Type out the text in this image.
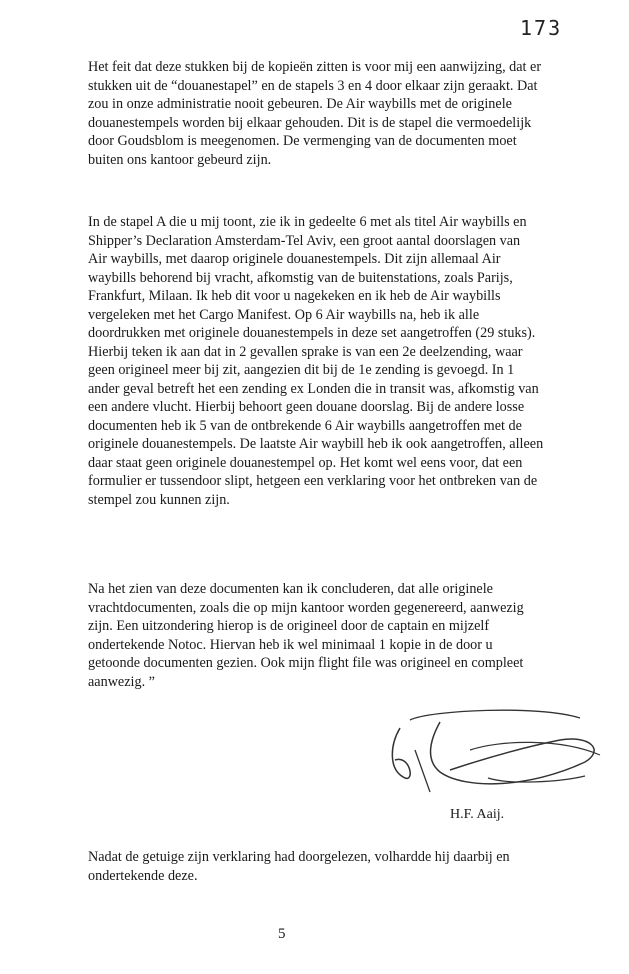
173
Het feit dat deze stukken bij de kopieën zitten is voor mij een aanwijzing, dat er
stukken uit de “douanestapel” en de stapels 3 en 4 door elkaar zijn geraakt. Dat
zou in onze administratie nooit gebeuren. De Air waybills met de originele
douanestempels worden bij elkaar gehouden. Dit is de stapel die vermoedelijk
door Goudsblom is meegenomen. De vermenging van de documenten moet
buiten ons kantoor gebeurd zijn.
In de stapel A die u mij toont, zie ik in gedeelte 6 met als titel Air waybills en
Shipper’s Declaration Amsterdam-Tel Aviv, een groot aantal doorslagen van
Air waybills, met daarop originele douanestempels. Dit zijn allemaal Air
waybills behorend bij vracht, afkomstig van de buitenstations, zoals Parijs,
Frankfurt, Milaan. Ik heb dit voor u nagekeken en ik heb de Air waybills
vergeleken met het Cargo Manifest. Op 6 Air waybills na, heb ik alle
doordrukken met originele douanestempels in deze set aangetroffen (29 stuks).
Hierbij teken ik aan dat in 2 gevallen sprake is van een 2e deelzending, waar
geen origineel meer bij zit, aangezien dit bij de 1e zending is gevoegd. In 1
ander geval betreft het een zending ex Londen die in transit was, afkomstig van
een andere vlucht. Hierbij behoort geen douane doorslag. Bij de andere losse
documenten heb ik 5 van de ontbrekende 6 Air waybills aangetroffen met de
originele douanestempels. De laatste Air waybill heb ik ook aangetroffen, alleen
daar staat geen originele douanestempel op. Het komt wel eens voor, dat een
formulier er tussendoor slipt, hetgeen een verklaring voor het ontbreken van de
stempel zou kunnen zijn.
Na het zien van deze documenten kan ik concluderen, dat alle originele
vrachtdocumenten, zoals die op mijn kantoor worden gegenereerd, aanwezig
zijn. Een uitzondering hierop is de origineel door de captain en mijzelf
ondertekende Notoc. Hiervan heb ik wel minimaal 1 kopie in de door u
getoonde documenten gezien. Ook mijn flight file was origineel en compleet
aanwezig. ”
H.F. Aaij.
Nadat de getuige zijn verklaring had doorgelezen, volhardde hij daarbij en
ondertekende deze.
5
